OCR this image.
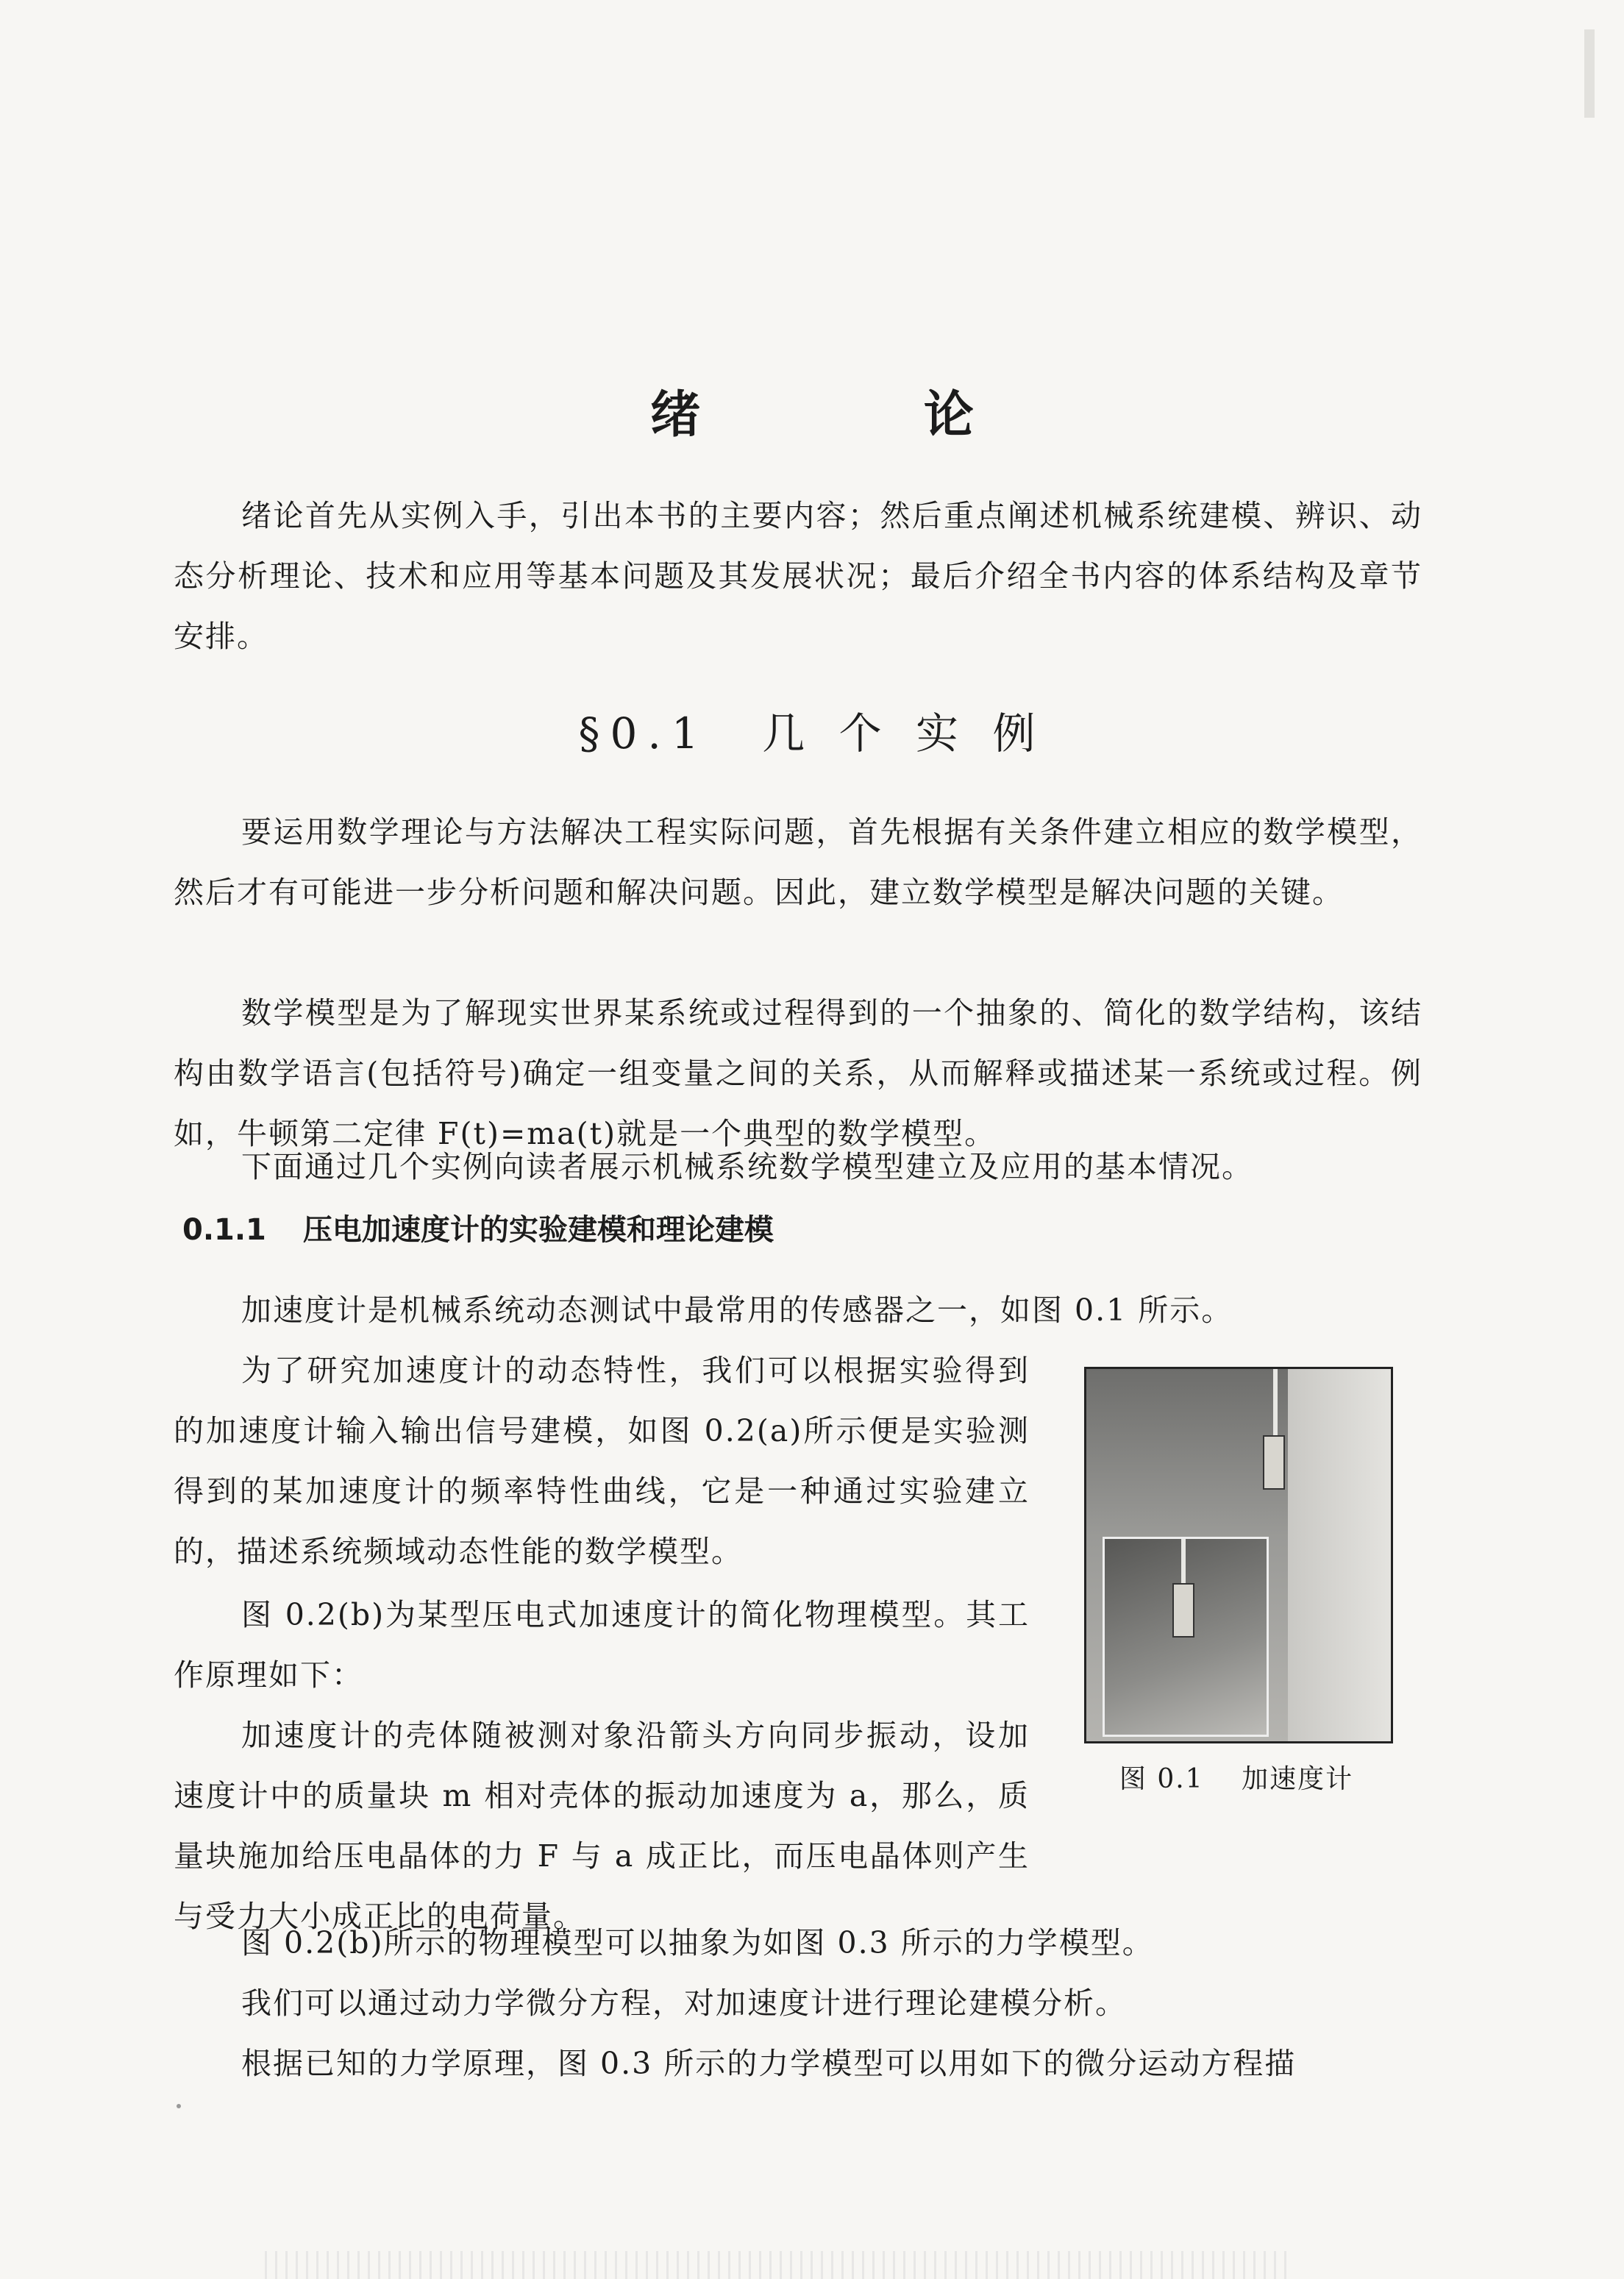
绪 论
绪论首先从实例入手，引出本书的主要内容；然后重点阐述机械系统建模、辨识、动态分析理论、技术和应用等基本问题及其发展状况；最后介绍全书内容的体系结构及章节安排。
§0.1 几 个 实 例
要运用数学理论与方法解决工程实际问题，首先根据有关条件建立相应的数学模型，然后才有可能进一步分析问题和解决问题。因此，建立数学模型是解决问题的关键。
数学模型是为了解现实世界某系统或过程得到的一个抽象的、简化的数学结构，该结构由数学语言(包括符号)确定一组变量之间的关系，从而解释或描述某一系统或过程。例如，牛顿第二定律 F(t)=ma(t)就是一个典型的数学模型。
下面通过几个实例向读者展示机械系统数学模型建立及应用的基本情况。
0.1.1 压电加速度计的实验建模和理论建模
加速度计是机械系统动态测试中最常用的传感器之一，如图 0.1 所示。
为了研究加速度计的动态特性，我们可以根据实验得到的加速度计输入输出信号建模，如图 0.2(a)所示便是实验测得到的某加速度计的频率特性曲线，它是一种通过实验建立的，描述系统频域动态性能的数学模型。
图 0.2(b)为某型压电式加速度计的简化物理模型。其工作原理如下：
加速度计的壳体随被测对象沿箭头方向同步振动，设加速度计中的质量块 m 相对壳体的振动加速度为 a，那么，质量块施加给压电晶体的力 F 与 a 成正比，而压电晶体则产生与受力大小成正比的电荷量。
图 0.2(b)所示的物理模型可以抽象为如图 0.3 所示的力学模型。
我们可以通过动力学微分方程，对加速度计进行理论建模分析。
根据已知的力学原理，图 0.3 所示的力学模型可以用如下的微分运动方程描
图 0.1 加速度计
